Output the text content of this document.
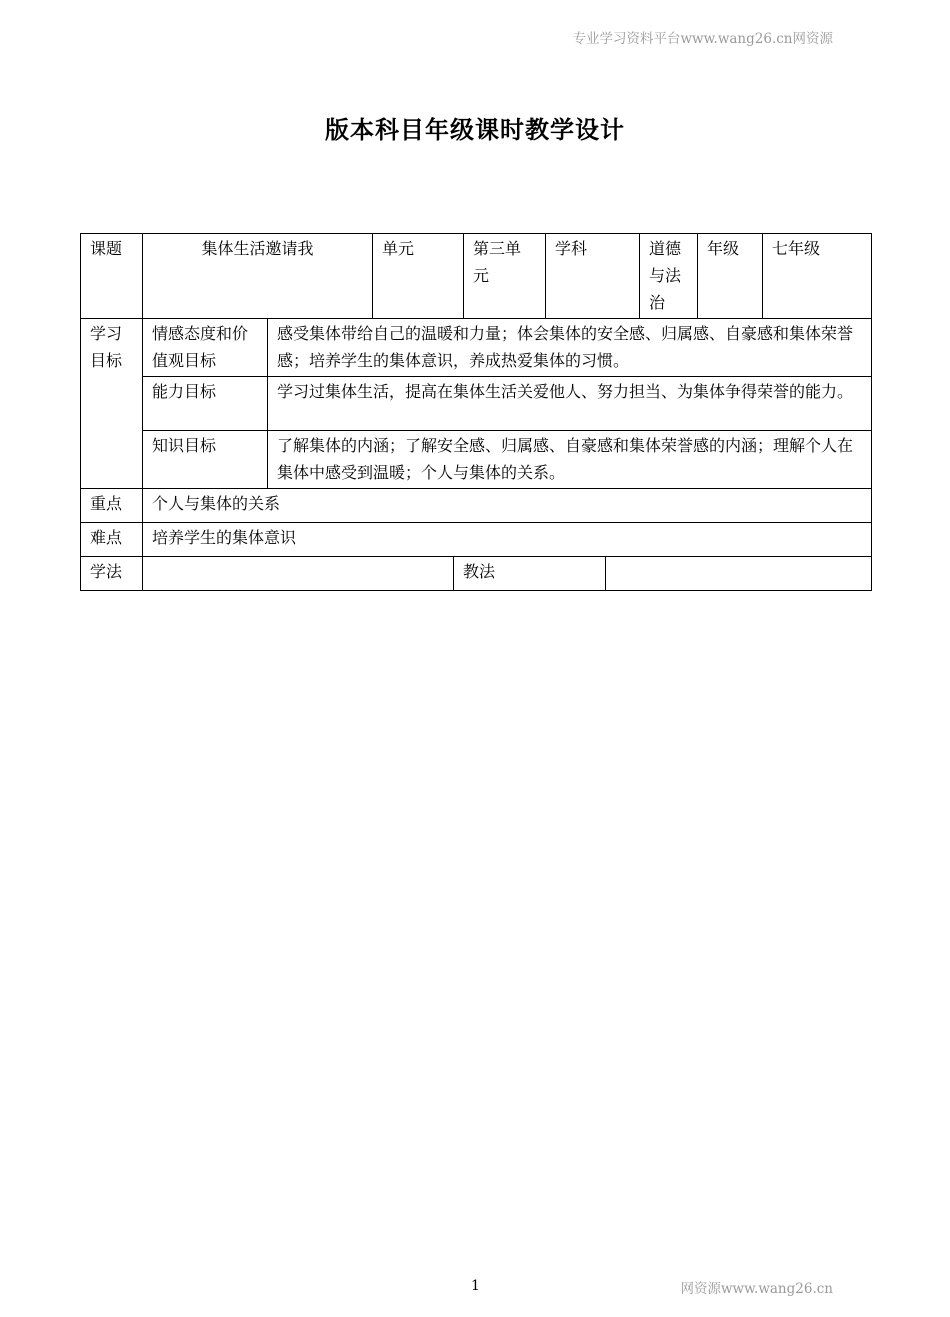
专业学习资料平台www.wang26.cn网资源
版本科目年级课时教学设计
课题	集体生活邀请我		单元		第三单元	学科		道德与法治	年级	七年级
学习目标	情感态度和价值观目标	感受集体带给自己的温暖和力量；体会集体的安全感、归属感、自豪感和集体荣誉感；培养学生的集体意识，养成热爱集体的习惯。								
	能力目标	学习过集体生活，提高在集体生活关爱他人、努力担当、为集体争得荣誉的能力。								
	知识目标	了解集体的内涵；了解安全感、归属感、自豪感和集体荣誉感的内涵；理解个人在集体中感受到温暖；个人与集体的关系。								
重点	个人与集体的关系									
难点	培养学生的集体意识									
学法				教法						
1	网资源www.wang26.cn
